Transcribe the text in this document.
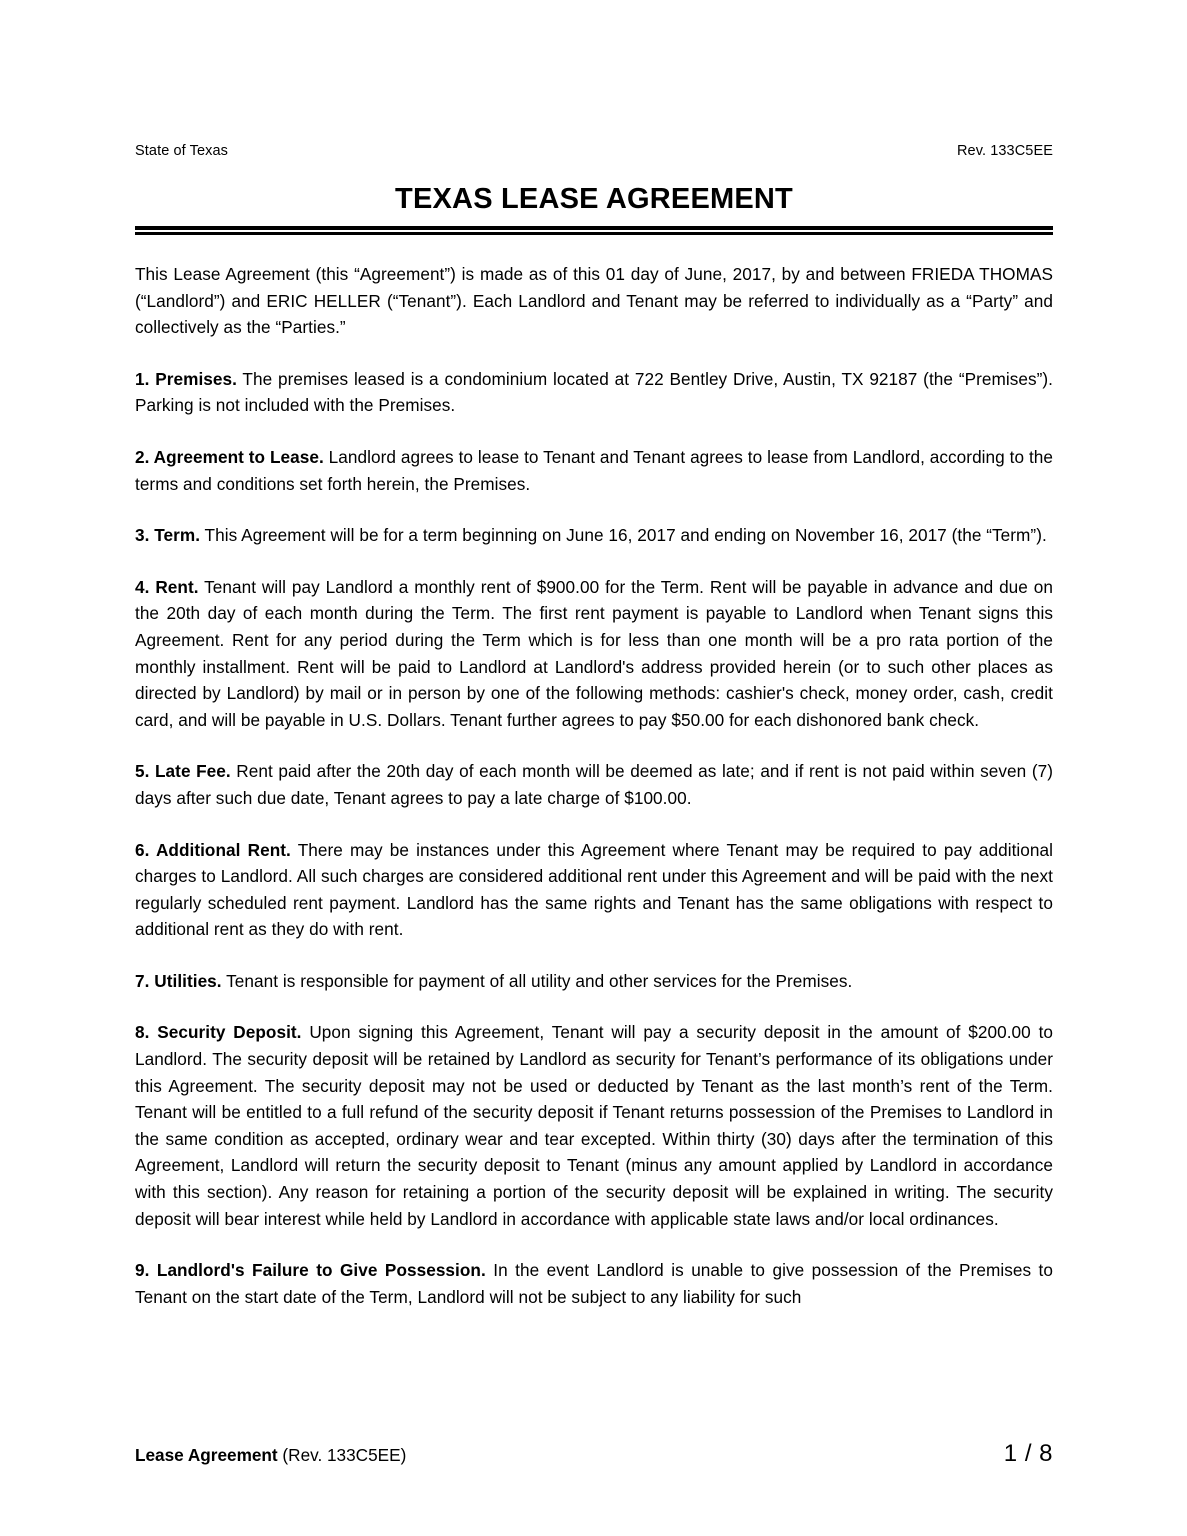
State of Texas	Rev. 133C5EE
TEXAS LEASE AGREEMENT

This Lease Agreement (this “Agreement”) is made as of this 01 day of June, 2017, by and between FRIEDA THOMAS (“Landlord”) and ERIC HELLER (“Tenant”). Each Landlord and Tenant may be referred to individually as a “Party” and collectively as the “Parties.”

1. Premises. The premises leased is a condominium located at 722 Bentley Drive, Austin, TX 92187 (the “Premises”). Parking is not included with the Premises.

2. Agreement to Lease. Landlord agrees to lease to Tenant and Tenant agrees to lease from Landlord, according to the terms and conditions set forth herein, the Premises.

3. Term. This Agreement will be for a term beginning on June 16, 2017 and ending on November 16, 2017 (the “Term”).

4. Rent. Tenant will pay Landlord a monthly rent of $900.00 for the Term. Rent will be payable in advance and due on the 20th day of each month during the Term. The first rent payment is payable to Landlord when Tenant signs this Agreement. Rent for any period during the Term which is for less than one month will be a pro rata portion of the monthly installment. Rent will be paid to Landlord at Landlord's address provided herein (or to such other places as directed by Landlord) by mail or in person by one of the following methods: cashier's check, money order, cash, credit card, and will be payable in U.S. Dollars. Tenant further agrees to pay $50.00 for each dishonored bank check.

5. Late Fee. Rent paid after the 20th day of each month will be deemed as late; and if rent is not paid within seven (7) days after such due date, Tenant agrees to pay a late charge of $100.00.

6. Additional Rent. There may be instances under this Agreement where Tenant may be required to pay additional charges to Landlord. All such charges are considered additional rent under this Agreement and will be paid with the next regularly scheduled rent payment. Landlord has the same rights and Tenant has the same obligations with respect to additional rent as they do with rent.

7. Utilities. Tenant is responsible for payment of all utility and other services for the Premises.

8. Security Deposit. Upon signing this Agreement, Tenant will pay a security deposit in the amount of $200.00 to Landlord. The security deposit will be retained by Landlord as security for Tenant’s performance of its obligations under this Agreement. The security deposit may not be used or deducted by Tenant as the last month’s rent of the Term. Tenant will be entitled to a full refund of the security deposit if Tenant returns possession of the Premises to Landlord in the same condition as accepted, ordinary wear and tear excepted. Within thirty (30) days after the termination of this Agreement, Landlord will return the security deposit to Tenant (minus any amount applied by Landlord in accordance with this section). Any reason for retaining a portion of the security deposit will be explained in writing. The security deposit will bear interest while held by Landlord in accordance with applicable state laws and/or local ordinances.

9. Landlord's Failure to Give Possession. In the event Landlord is unable to give possession of the Premises to Tenant on the start date of the Term, Landlord will not be subject to any liability for such

Lease Agreement (Rev. 133C5EE)	1 / 8
